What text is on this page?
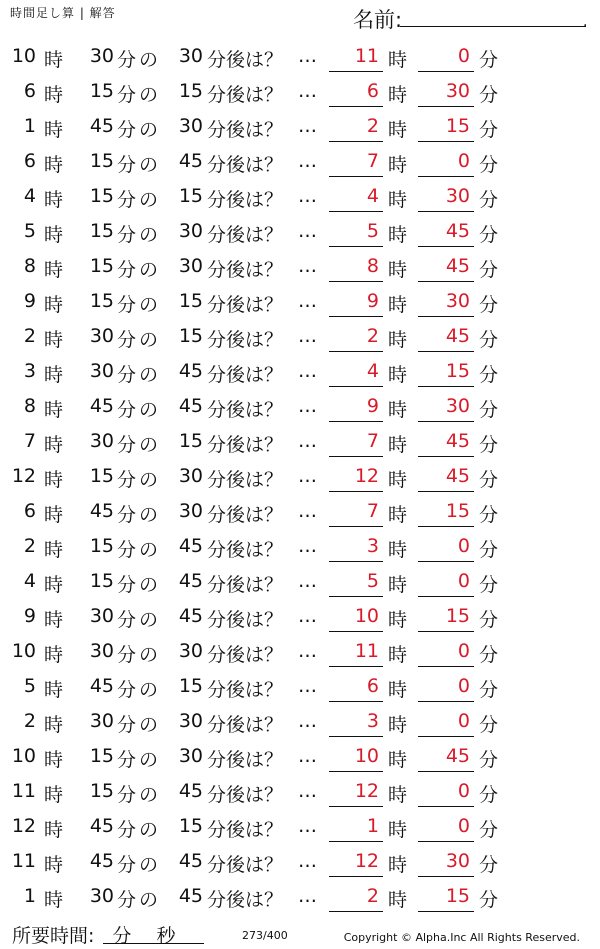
時間足し算 | 解答	名前:	.
10 時 30 分 の 30 分後は？ … 11 時	0 分
6 時 15 分 の 15 分後は？ …	6 時 30 分
1 時 45 分 の 30 分後は？ …	2 時 15 分
6 時 15 分 の 45 分後は？ …	7 時	0 分
4 時 15 分 の 15 分後は？ …	4 時 30 分
5 時 15 分 の 30 分後は？ …	5 時 45 分
8 時 15 分 の 30 分後は？ …	8 時 45 分
9 時 15 分 の 15 分後は？ …	9 時 30 分
2 時 30 分 の 15 分後は？ …	2 時 45 分
3 時 30 分 の 45 分後は？ …	4 時 15 分
8 時 45 分 の 45 分後は？ …	9 時 30 分
7 時 30 分 の 15 分後は？ …	7 時 45 分
12 時 15 分 の 30 分後は？ … 12 時 45 分
6 時 45 分 の 30 分後は？ …	7 時 15 分
2 時 15 分 の 45 分後は？ …	3 時	0 分
4 時 15 分 の 45 分後は？ …	5 時	0 分
9 時 30 分 の 45 分後は？ … 10 時 15 分
10 時 30 分 の 30 分後は？ … 11 時	0 分
5 時 45 分 の 15 分後は？ …	6 時	0 分
2 時 30 分 の 30 分後は？ …	3 時	0 分
10 時 15 分 の 30 分後は？ … 10 時 45 分
11 時 15 分 の 45 分後は？ … 12 時	0 分
12 時 45 分 の 15 分後は？ …	1 時	0 分
11 時 45 分 の 45 分後は？ … 12 時 30 分
1 時 30 分 の 45 分後は？ …	2 時 15 分
所要時間: 分　 秒	273/400	Copyright © Alpha.Inc All Rights Reserved.
